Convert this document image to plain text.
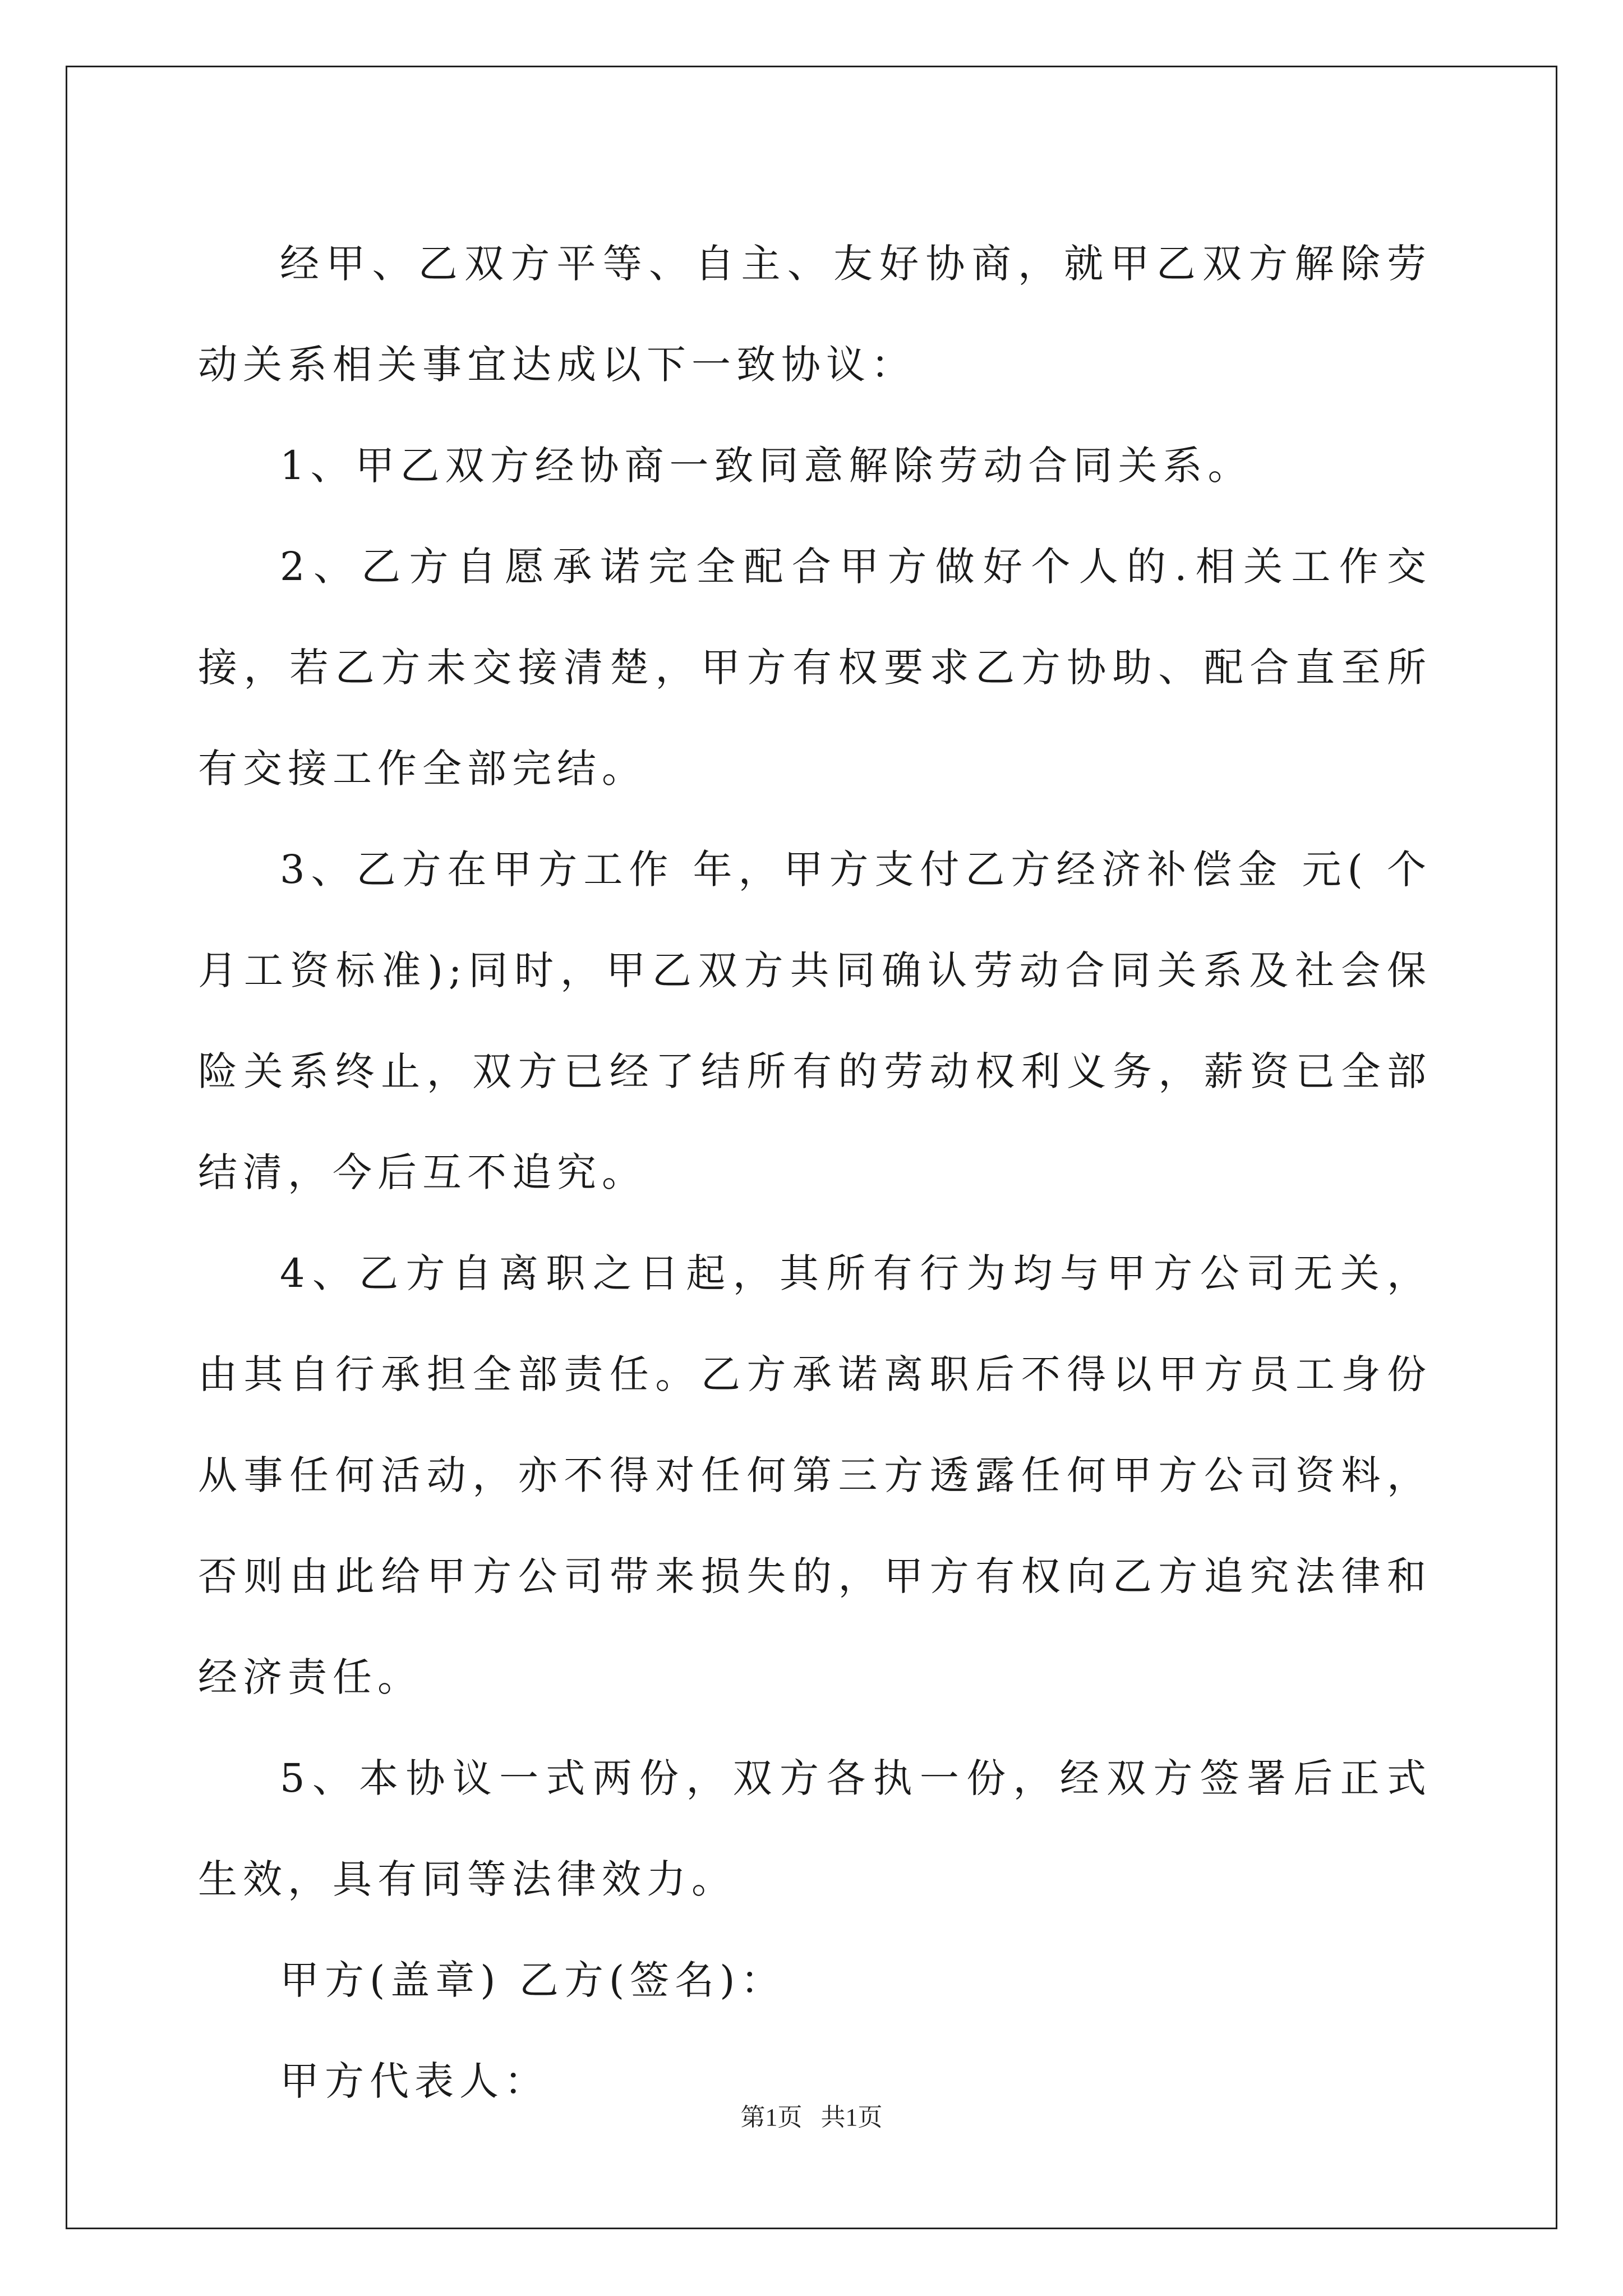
经甲、乙双方平等、自主、友好协商，就甲乙双方解除劳动关系相关事宜达成以下一致协议：

1、甲乙双方经协商一致同意解除劳动合同关系。

2、乙方自愿承诺完全配合甲方做好个人的.相关工作交接，若乙方未交接清楚，甲方有权要求乙方协助、配合直至所有交接工作全部完结。

3、乙方在甲方工作 年，甲方支付乙方经济补偿金 元( 个月工资标准);同时，甲乙双方共同确认劳动合同关系及社会保险关系终止，双方已经了结所有的劳动权利义务，薪资已全部结清，今后互不追究。

4、乙方自离职之日起，其所有行为均与甲方公司无关，由其自行承担全部责任。乙方承诺离职后不得以甲方员工身份从事任何活动，亦不得对任何第三方透露任何甲方公司资料，否则由此给甲方公司带来损失的，甲方有权向乙方追究法律和经济责任。

5、本协议一式两份，双方各执一份，经双方签署后正式生效，具有同等法律效力。

甲方(盖章) 乙方(签名)：

甲方代表人：

第1页   共1页
